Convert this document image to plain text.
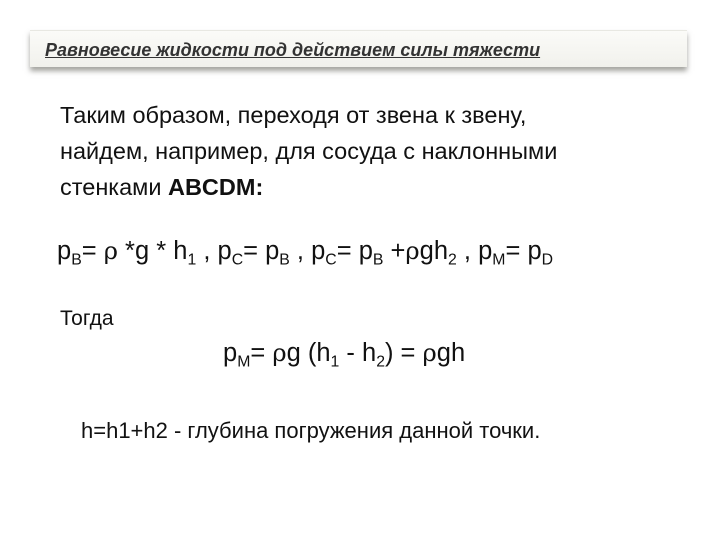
Равновесие жидкости под действием силы тяжести
Таким образом, переходя от звена к звену,
найдем, например, для сосуда с наклонными
стенками ABCDM:
$p_B= \rho$ $*g * h_1$ , $p_C= p_B$ , $p_C= p_B +\rho gh_2$ , $p_M= p_D$
Тогда
$p_M= \rho g$ $(h_1 - h_2) = \rho gh$
h=h1+h2 - глубина погружения данной точки.
